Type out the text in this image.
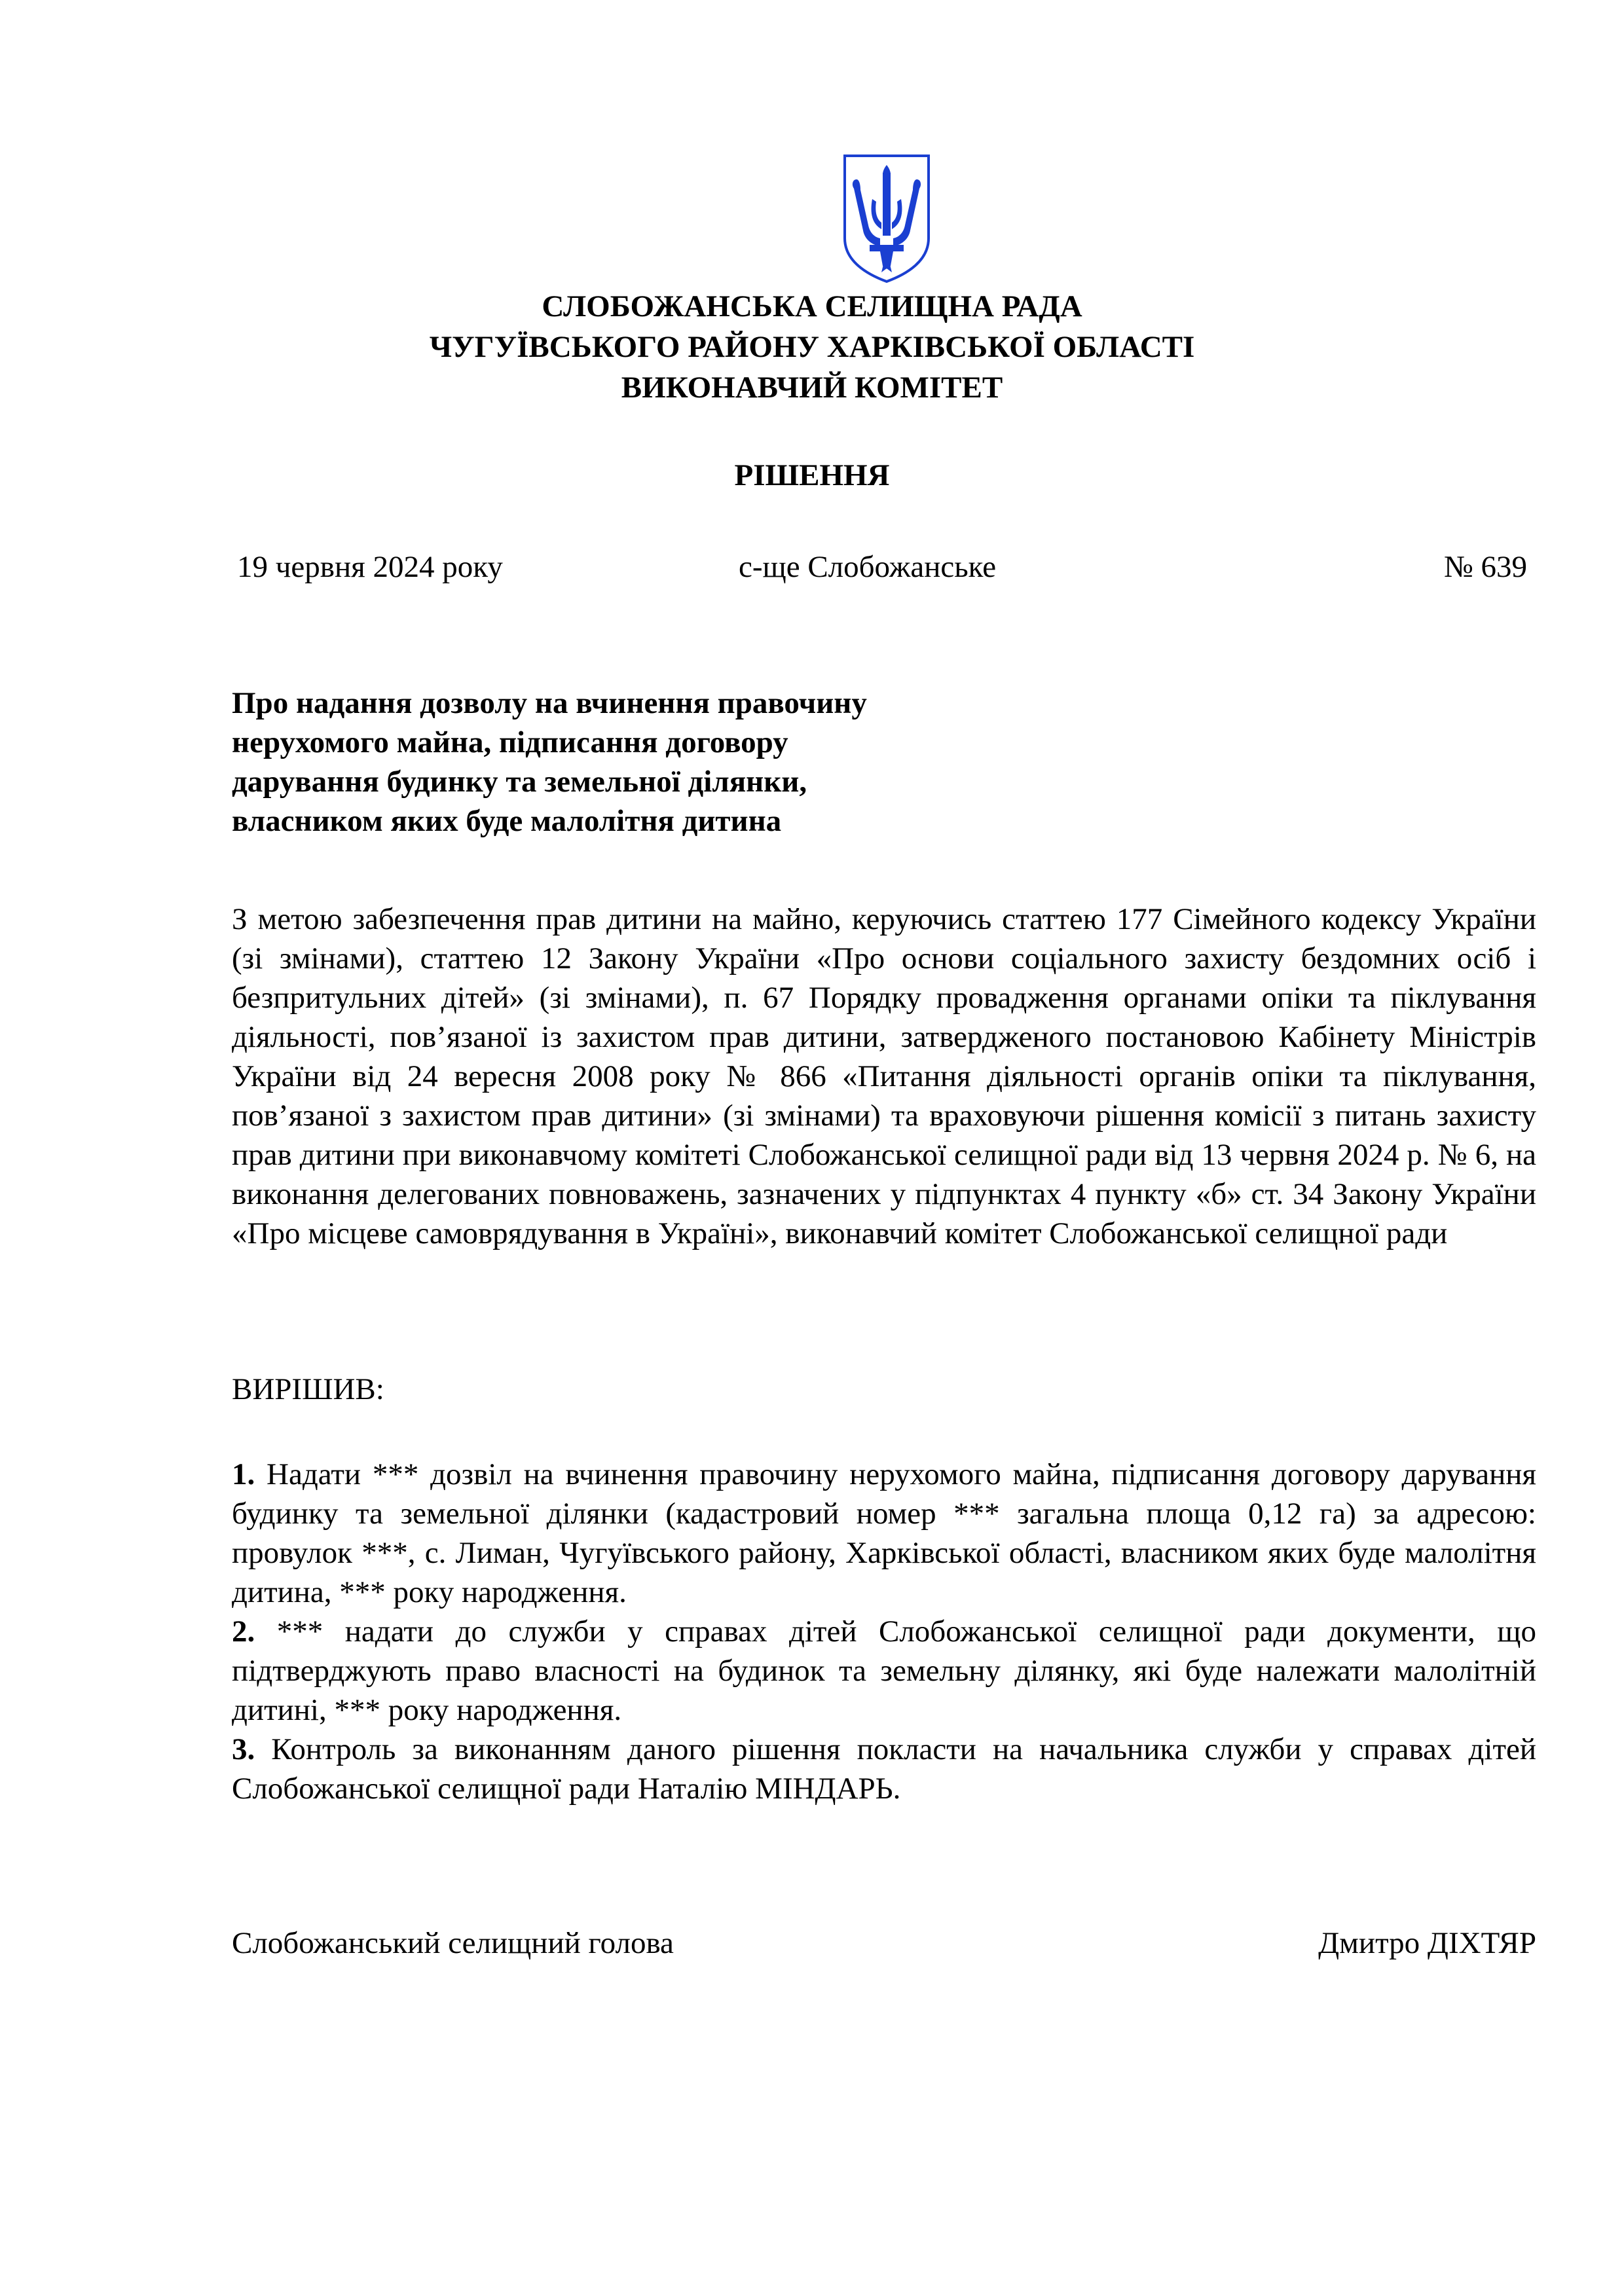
СЛОБОЖАНСЬКА СЕЛИЩНА РАДА
ЧУГУЇВСЬКОГО РАЙОНУ ХАРКІВСЬКОЇ ОБЛАСТІ
ВИКОНАВЧИЙ КОМІТЕТ
РІШЕННЯ
19 червня 2024 року	с-ще Слобожанське	№ 639
Про надання дозволу на вчинення правочину
нерухомого майна, підписання договору
дарування будинку та земельної ділянки,
власником яких буде малолітня дитина
З метою забезпечення прав дитини на майно, керуючись статтею 177 Сімейного кодексу України (зі змінами), статтею 12 Закону України «Про основи соціального захисту бездомних осіб і безпритульних дітей» (зі змінами), п. 67 Порядку провадження органами опіки та піклування діяльності, пов’язаної із захистом прав дитини, затвердженого постановою Кабінету Міністрів України від 24 вересня 2008 року № 866 «Питання діяльності органів опіки та піклування, пов’язаної з захистом прав дитини» (зі змінами) та враховуючи рішення комісії з питань захисту прав дитини при виконавчому комітеті Слобожанської селищної ради від 13 червня 2024 р. № 6, на виконання делегованих повноважень, зазначених у підпунктах 4 пункту «б» ст. 34 Закону України «Про місцеве самоврядування в Україні», виконавчий комітет Слобожанської селищної ради
ВИРІШИВ:

1. Надати *** дозвіл на вчинення правочину нерухомого майна, підписання договору дарування будинку та земельної ділянки (кадастровий номер *** загальна площа 0,12 га) за адресою: провулок ***, с. Лиман, Чугуївського району, Харківської області, власником яких буде малолітня дитина, *** року народження.

2. *** надати до служби у справах дітей Слобожанської селищної ради документи, що підтверджують право власності на будинок та земельну ділянку, які буде належати малолітній дитині, *** року народження.

3. Контроль за виконанням даного рішення покласти на начальника служби у справах дітей Слобожанської селищної ради Наталію МІНДАРЬ.

Слобожанський селищний голова	Дмитро ДІХТЯР
